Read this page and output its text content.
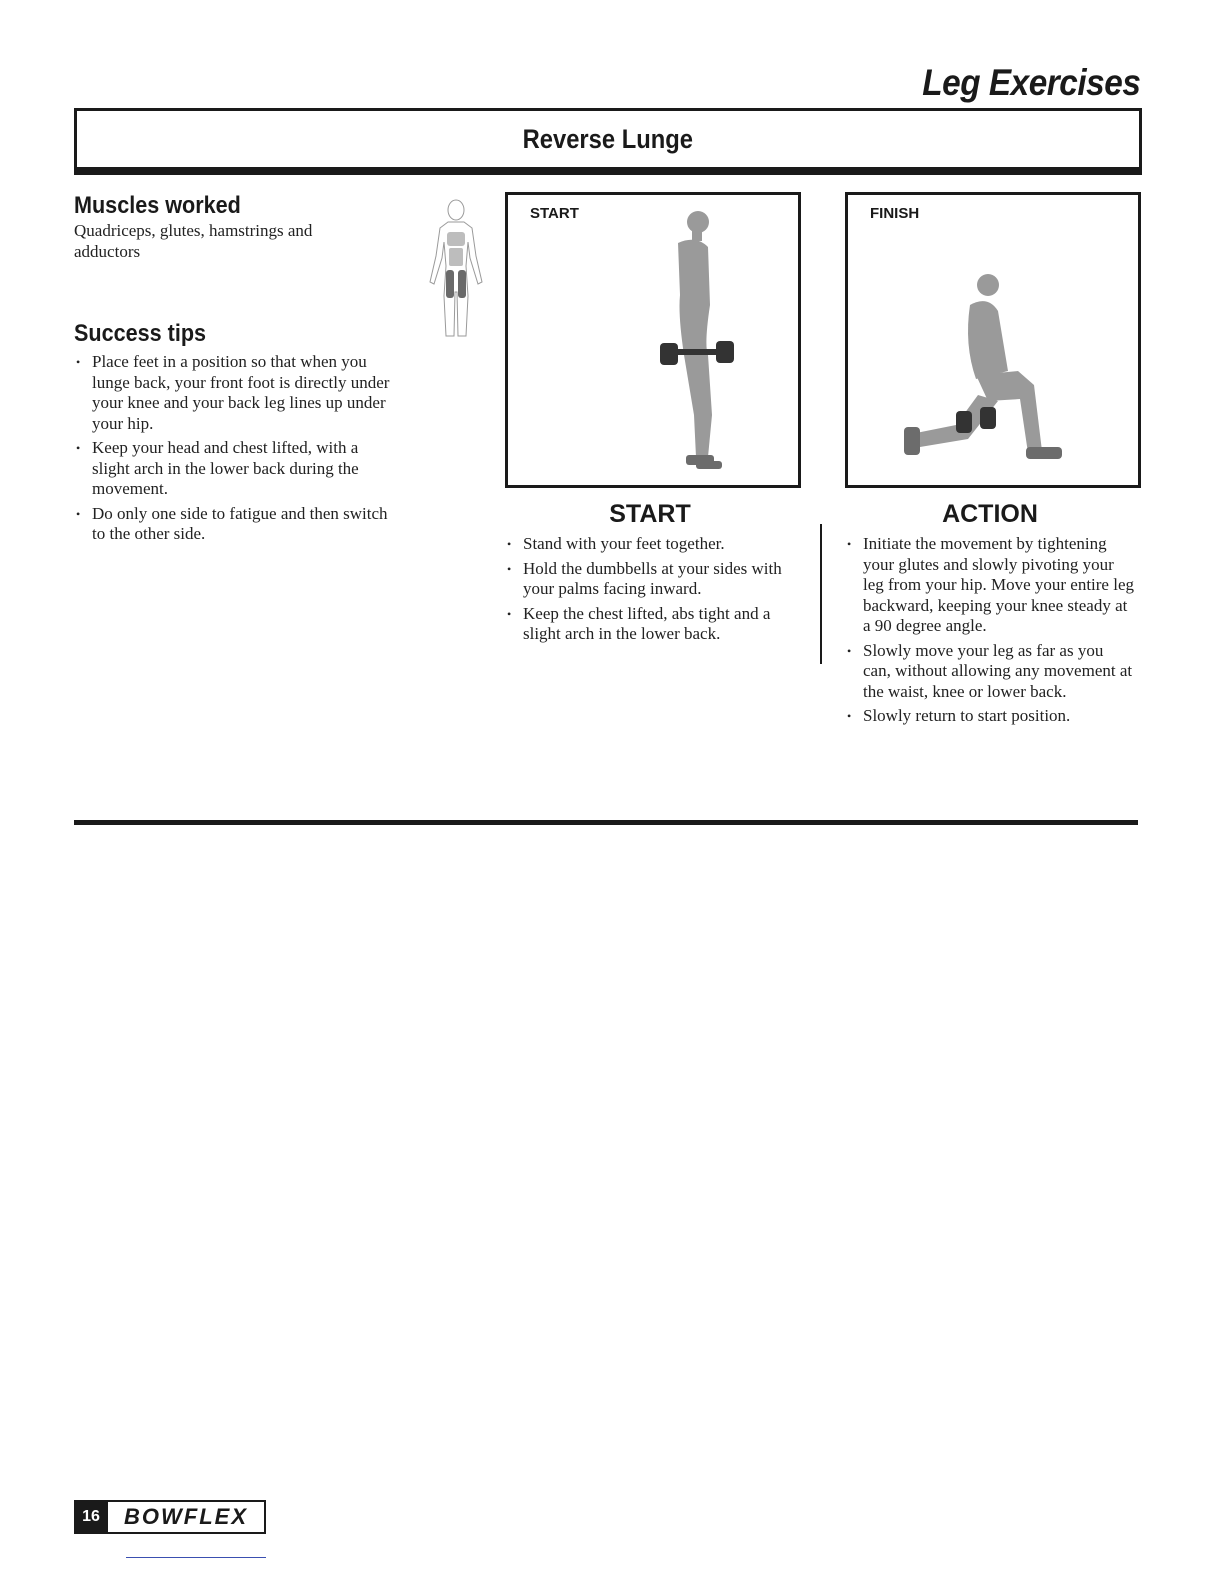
Leg Exercises
Reverse Lunge
Muscles worked
Quadriceps, glutes, hamstrings and adductors
Success tips
• Place feet in a position so that when you lunge back, your front foot is directly under your knee and your back leg lines up under your hip.
• Keep your head and chest lifted, with a slight arch in the lower back during the movement.
• Do only one side to fatigue and then switch to the other side.
START	FINISH
START
• Stand with your feet together.
• Hold the dumbbells at your sides with your palms facing inward.
• Keep the chest lifted, abs tight and a slight arch in the lower back.
ACTION
• Initiate the movement by tightening your glutes and slowly pivoting your leg from your hip. Move your entire leg backward, keeping your knee steady at a 90 degree angle.
• Slowly move your leg as far as you can, without allowing any movement at the waist, knee or lower back.
• Slowly return to start position.
16	BOWFLEX
